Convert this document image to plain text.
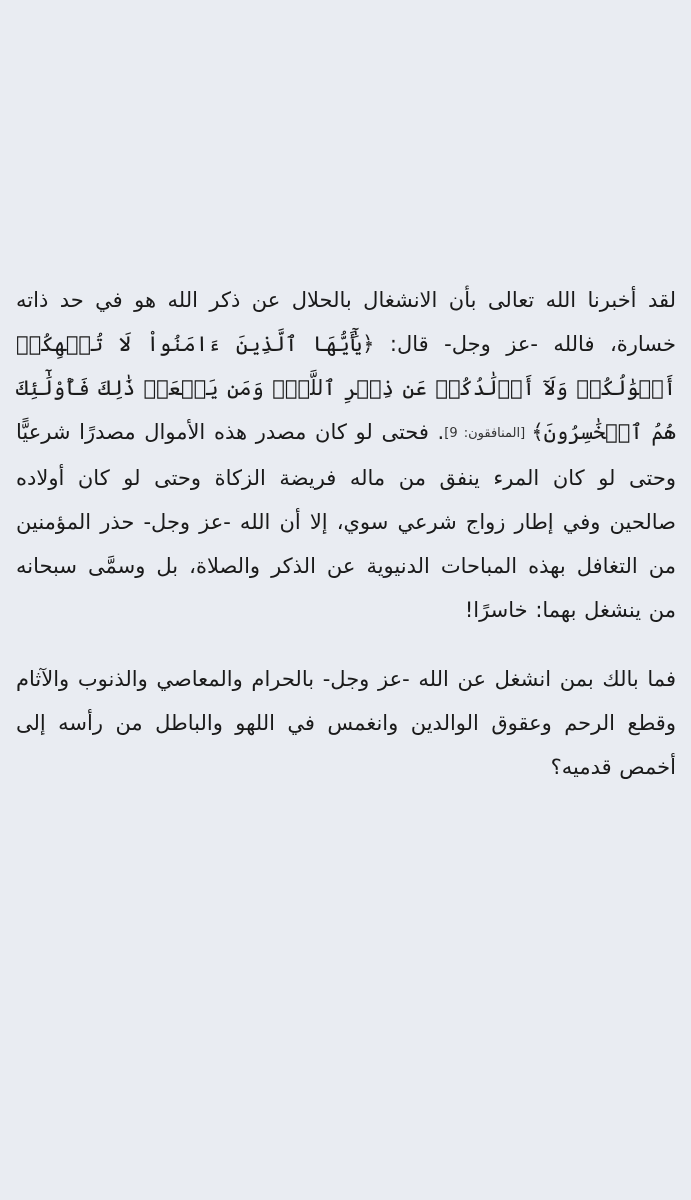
لقد أخبرنا الله تعالى بأن الانشغال بالحلال عن ذكر الله هو في حد ذاته خسارة، فالله -عز وجل- قال: ﴿يَٰٓأَيُّهَا ٱلَّذِينَ ءَامَنُواْ لَا تُلۡهِكُمۡ أَمۡوَٰلُكُمۡ وَلَآ أَوۡلَٰدُكُمۡ عَن ذِكۡرِ ٱللَّهِۚ وَمَن يَفۡعَلۡ ذَٰلِكَ فَأُوْلَٰٓئِكَ هُمُ ٱلۡخَٰسِرُونَ﴾ [المنافقون: 9]. فحتى لو كان مصدر هذه الأموال مصدرًا شرعيًّا وحتى لو كان المرء ينفق من ماله فريضة الزكاة وحتى لو كان أولاده صالحين وفي إطار زواج شرعي سوي، إلا أن الله -عز وجل- حذر المؤمنين من التغافل بهذه المباحات الدنيوية عن الذكر والصلاة، بل وسمَّى سبحانه من ينشغل بهما: خاسرًا!

فما بالك بمن انشغل عن الله -عز وجل- بالحرام والمعاصي والذنوب والآثام وقطع الرحم وعقوق الوالدين وانغمس في اللهو والباطل من رأسه إلى أخمص قدميه؟
